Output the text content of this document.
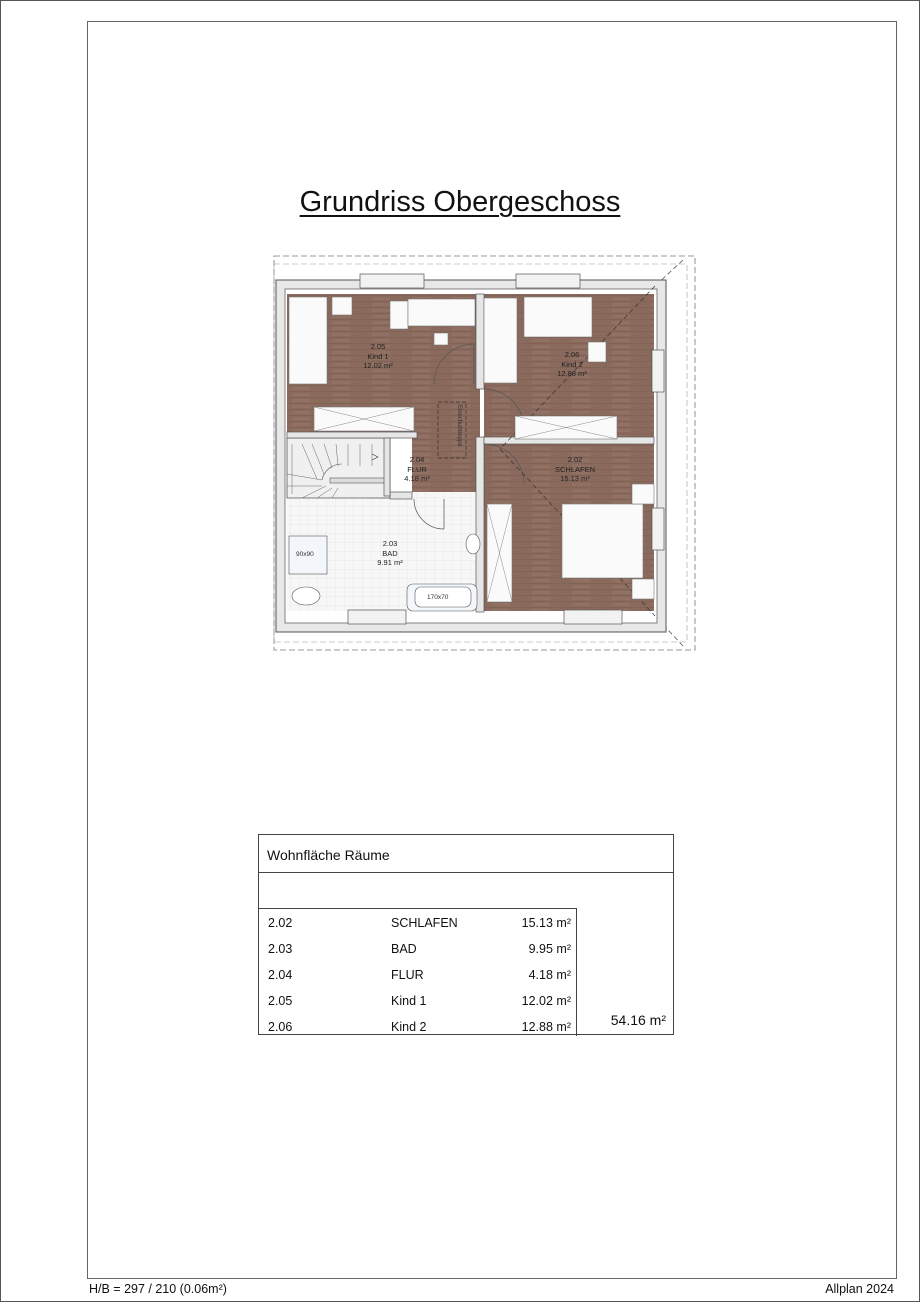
Grundriss Obergeschoss
Einschubtreppe
90x90
170x70
2.05
Kind 1
12.02 m²
2.06
Kind 2
12.88 m²
2.04
FLUR
4.18 m²
2.02
SCHLAFEN
15.13 m²
2.03
BAD
9.91 m²
Wohnfläche Räume
2.02	SCHLAFEN	15.13 m²
2.03	BAD	9.95 m²
2.04	FLUR	4.18 m²
2.05	Kind 1	12.02 m²
2.06	Kind 2	12.88 m²	54.16 m²
H/B = 297 / 210 (0.06m²)	Allplan 2024
